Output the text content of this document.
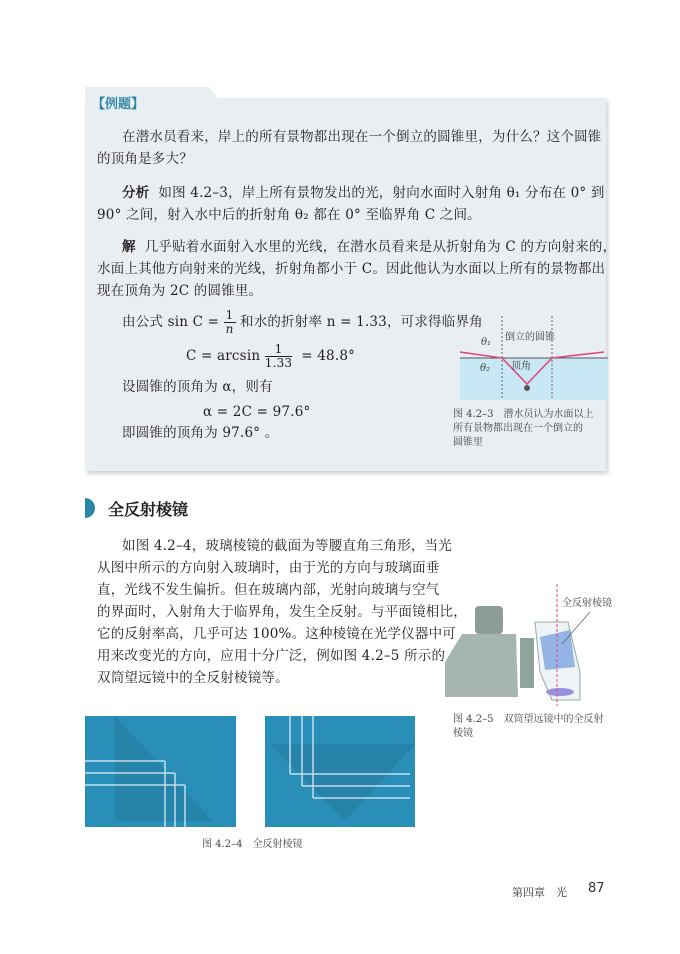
【例题】
在潜水员看来，岸上的所有景物都出现在一个倒立的圆锥里，为什么？这个圆锥
的顶角是多大？
分析 如图 4.2–3，岸上所有景物发出的光，射向水面时入射角 θ₁ 分布在 0° 到
90° 之间，射入水中后的折射角 θ₂ 都在 0° 至临界角 C 之间。
解 几乎贴着水面射入水里的光线，在潜水员看来是从折射角为 C 的方向射来的，
水面上其他方向射来的光线，折射角都小于 C。因此他认为水面以上所有的景物都出
现在顶角为 2C 的圆锥里。
由公式 $\sin C = \frac{1}{n}$ 和水的折射率 n = 1.33，可求得临界角
$C = \arcsin \frac{1}{1.33} = 48.8^\circ$
设圆锥的顶角为 α，则有
α = 2C = 97.6°
即圆锥的顶角为 97.6° 。
θ₁ 倒立的圆锥
θ₂ 顶角
图 4.2–3　潜水员认为水面以上
所有景物都出现在一个倒立的
圆锥里
全反射棱镜
如图 4.2–4，玻璃棱镜的截面为等腰直角三角形，当光
从图中所示的方向射入玻璃时，由于光的方向与玻璃面垂
直，光线不发生偏折。但在玻璃内部，光射向玻璃与空气
的界面时，入射角大于临界角，发生全反射。与平面镜相比，
它的反射率高，几乎可达 100%。这种棱镜在光学仪器中可
用来改变光的方向，应用十分广泛，例如图 4.2–5 所示的
双筒望远镜中的全反射棱镜等。
全反射棱镜
图 4.2–5　双筒望远镜中的全反射
棱镜
图 4.2–4　全反射棱镜
第四章　光 87
